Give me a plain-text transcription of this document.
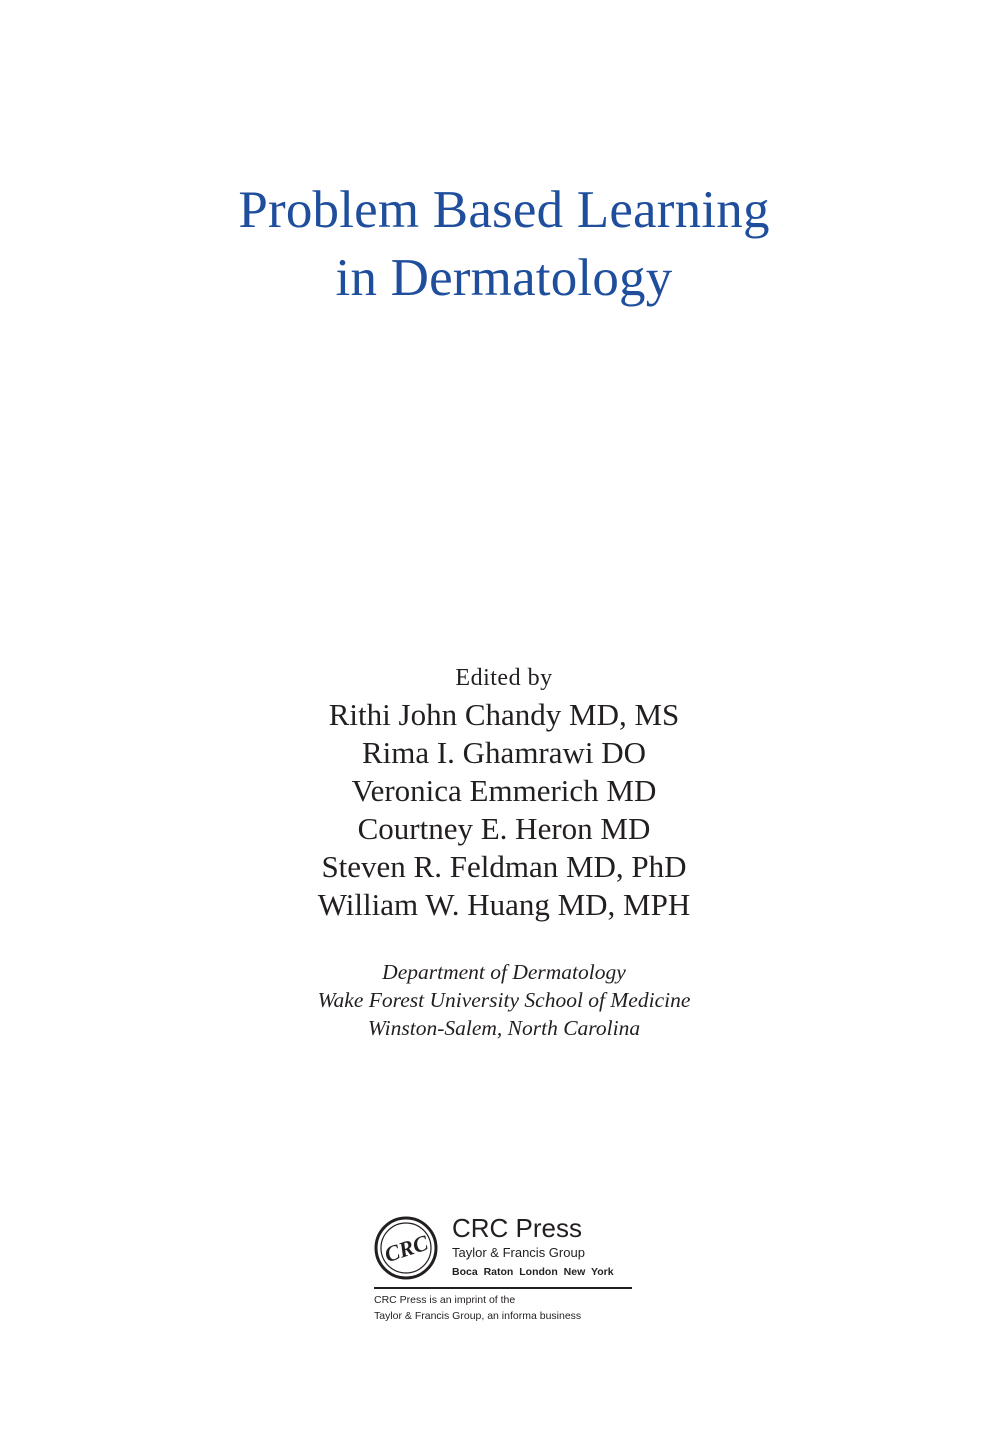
Problem Based Learning
in Dermatology
Edited by
Rithi John Chandy MD, MS
Rima I. Ghamrawi DO
Veronica Emmerich MD
Courtney E. Heron MD
Steven R. Feldman MD, PhD
William W. Huang MD, MPH
Department of Dermatology
Wake Forest University School of Medicine
Winston-Salem, North Carolina
CRC
CRC Press
Taylor & Francis Group
Boca Raton London New York
CRC Press is an imprint of the
Taylor & Francis Group, an informa business
